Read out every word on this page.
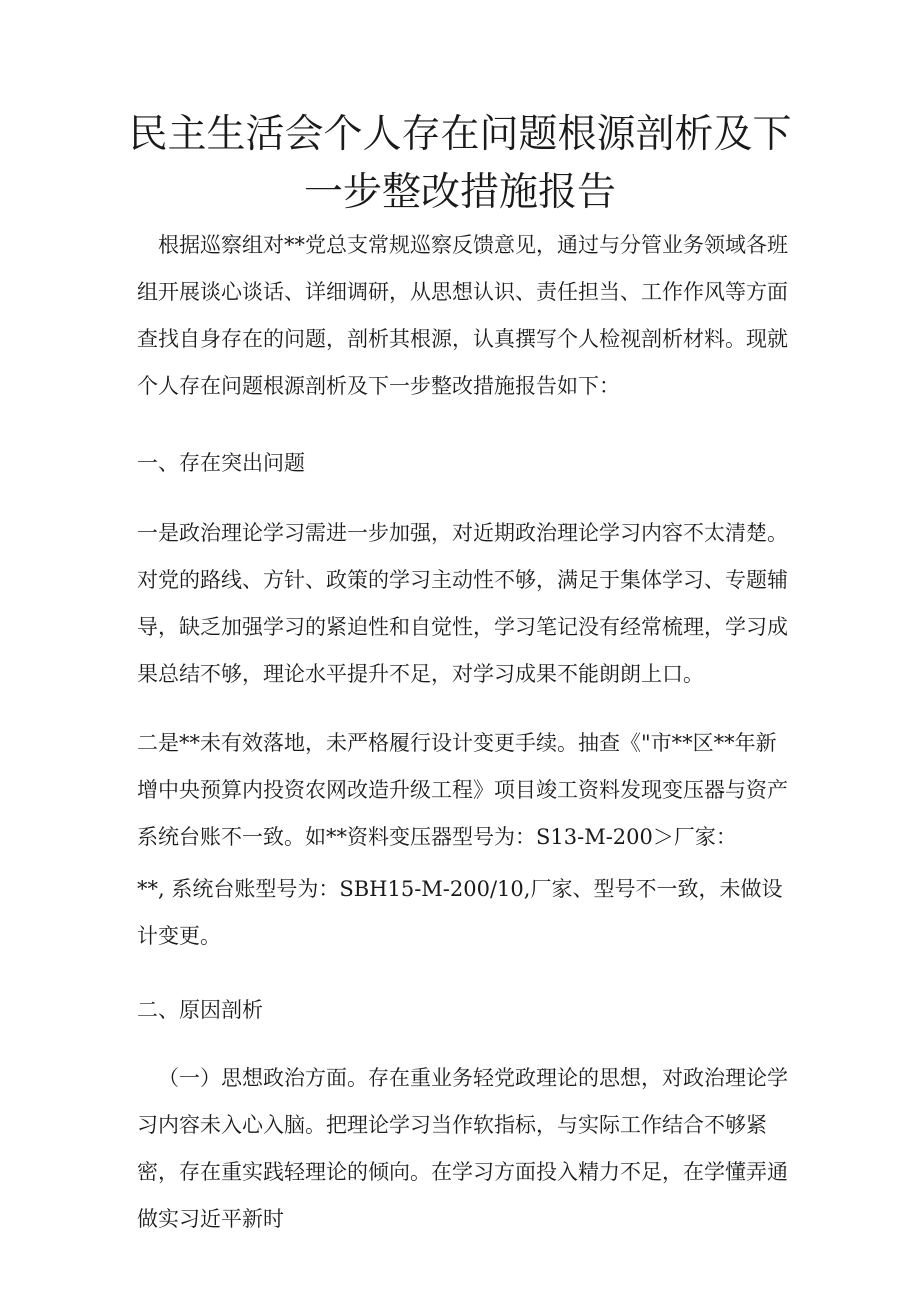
民主生活会个人存在问题根源剖析及下
一步整改措施报告

根据巡察组对**党总支常规巡察反馈意见，通过与分管业务领域各班组开展谈心谈话、详细调研，从思想认识、责任担当、工作作风等方面查找自身存在的问题，剖析其根源，认真撰写个人检视剖析材料。现就个人存在问题根源剖析及下一步整改措施报告如下：

一、存在突出问题

一是政治理论学习需进一步加强，对近期政治理论学习内容不太清楚。对党的路线、方针、政策的学习主动性不够，满足于集体学习、专题辅导，缺乏加强学习的紧迫性和自觉性，学习笔记没有经常梳理，学习成果总结不够，理论水平提升不足，对学习成果不能朗朗上口。

二是**未有效落地，未严格履行设计变更手续。抽查《"市**区**年新增中央预算内投资农网改造升级工程》项目竣工资料发现变压器与资产系统台账不一致。如**资料变压器型号为：S13-M-200＞厂家：

**, 系统台账型号为：SBH15-M-200/10,厂家、型号不一致，未做设计变更。

二、原因剖析

（一）思想政治方面。存在重业务轻党政理论的思想，对政治理论学习内容未入心入脑。把理论学习当作软指标，与实际工作结合不够紧密，存在重实践轻理论的倾向。在学习方面投入精力不足，在学懂弄通做实习近平新时
